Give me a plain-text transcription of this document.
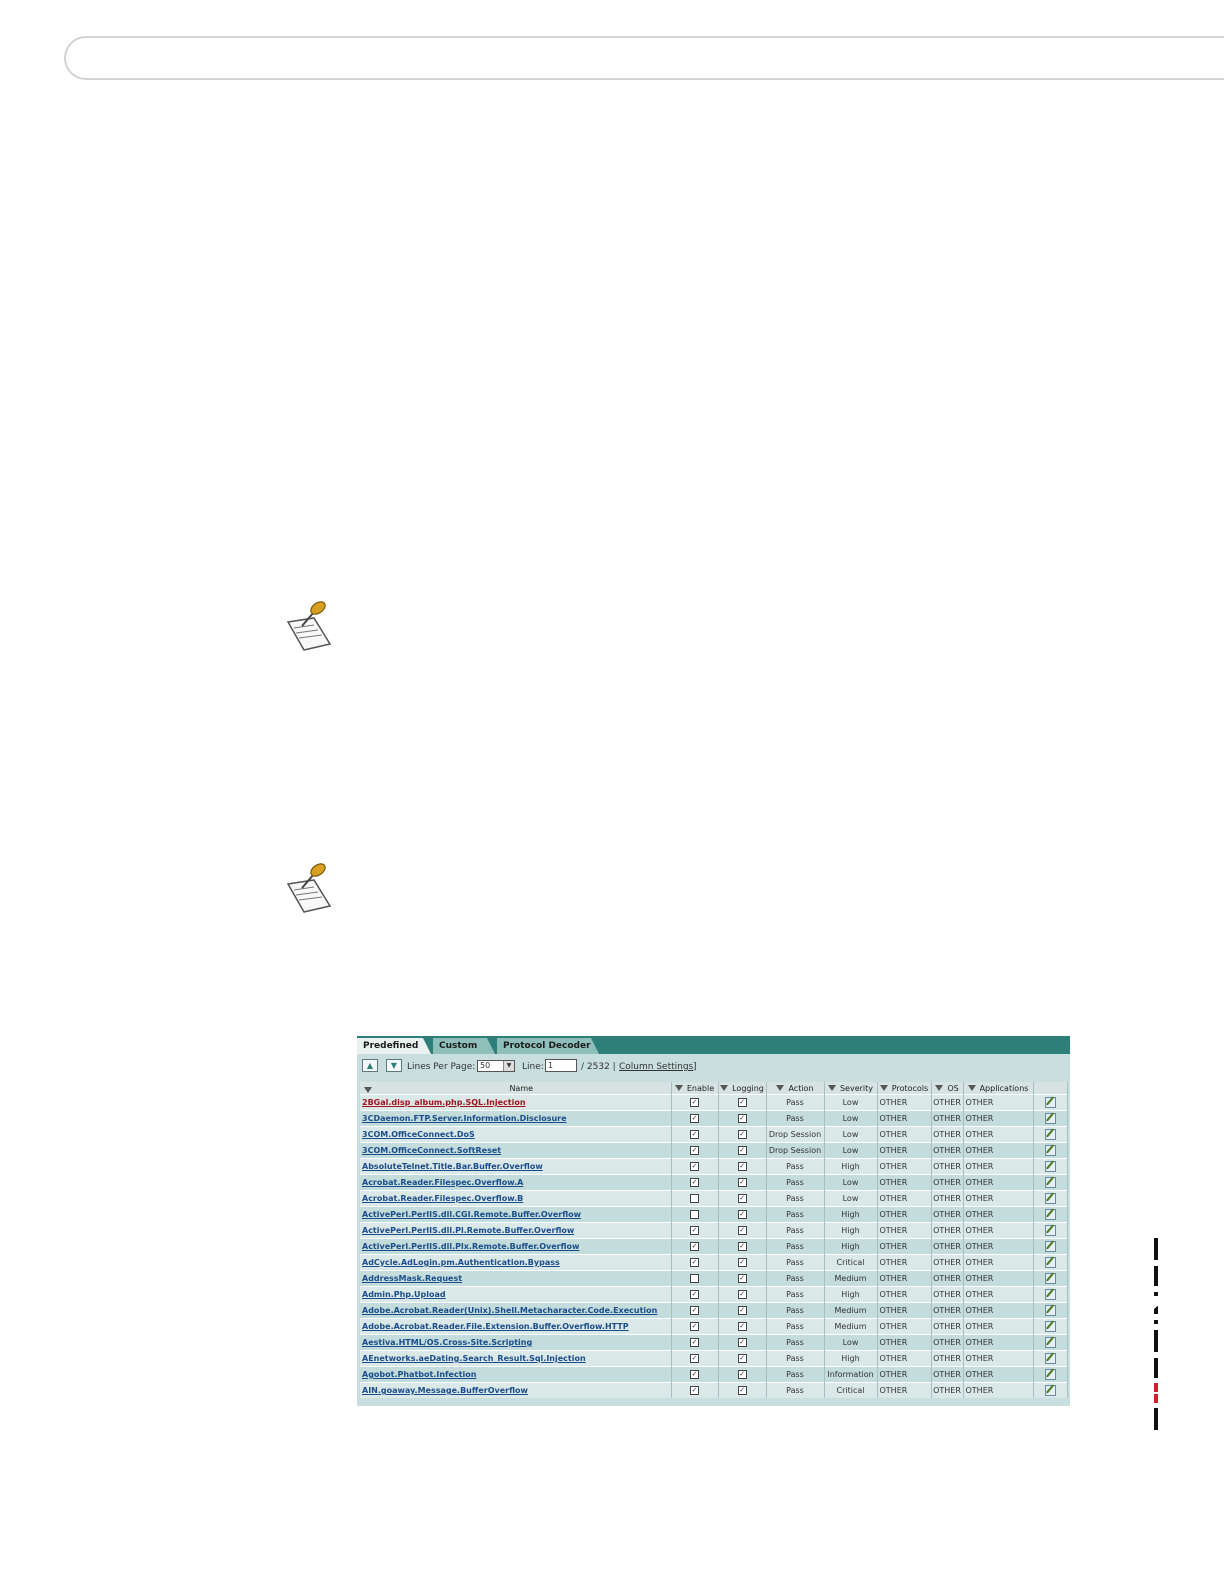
Predefined	Custom	Protocol Decoder
▲	▼	Lines Per Page: 50	▼ Line: 1	/ 2532 | Column Settings ]
Name	Enable	Logging	Action	Severity	Protocols	OS	Applications	
2BGal.disp_album.php.SQL.Injection	✓	✓	Pass	Low	OTHER	OTHER	OTHER	
3CDaemon.FTP.Server.Information.Disclosure	✓	✓	Pass	Low	OTHER	OTHER	OTHER	
3COM.OfficeConnect.DoS	✓	✓	Drop Session	Low	OTHER	OTHER	OTHER	
3COM.OfficeConnect.SoftReset	✓	✓	Drop Session	Low	OTHER	OTHER	OTHER	
AbsoluteTelnet.Title.Bar.Buffer.Overflow	✓	✓	Pass	High	OTHER	OTHER	OTHER	
Acrobat.Reader.Filespec.Overflow.A	✓	✓	Pass	Low	OTHER	OTHER	OTHER	
Acrobat.Reader.Filespec.Overflow.B		✓	Pass	Low	OTHER	OTHER	OTHER	
ActivePerl.PerlIS.dll.CGI.Remote.Buffer.Overflow		✓	Pass	High	OTHER	OTHER	OTHER	
ActivePerl.PerlIS.dll.Pl.Remote.Buffer.Overflow	✓	✓	Pass	High	OTHER	OTHER	OTHER	
ActivePerl.PerlIS.dll.Plx.Remote.Buffer.Overflow	✓	✓	Pass	High	OTHER	OTHER	OTHER	
AdCycle.AdLogin.pm.Authentication.Bypass	✓	✓	Pass	Critical	OTHER	OTHER	OTHER	
AddressMask.Request		✓	Pass	Medium	OTHER	OTHER	OTHER	
Admin.Php.Upload	✓	✓	Pass	High	OTHER	OTHER	OTHER	
Adobe.Acrobat.Reader(Unix).Shell.Metacharacter.Code.Execution	✓	✓	Pass	Medium	OTHER	OTHER	OTHER	
Adobe.Acrobat.Reader.File.Extension.Buffer.Overflow.HTTP	✓	✓	Pass	Medium	OTHER	OTHER	OTHER	
Aestiva.HTML/OS.Cross-Site.Scripting	✓	✓	Pass	Low	OTHER	OTHER	OTHER	
AEnetworks.aeDating.Search_Result.Sql.Injection	✓	✓	Pass	High	OTHER	OTHER	OTHER	
Agobot.Phatbot.Infection	✓	✓	Pass	Information	OTHER	OTHER	OTHER	
AIN.goaway.Message.BufferOverflow	✓	✓	Pass	Critical	OTHER	OTHER	OTHER	
